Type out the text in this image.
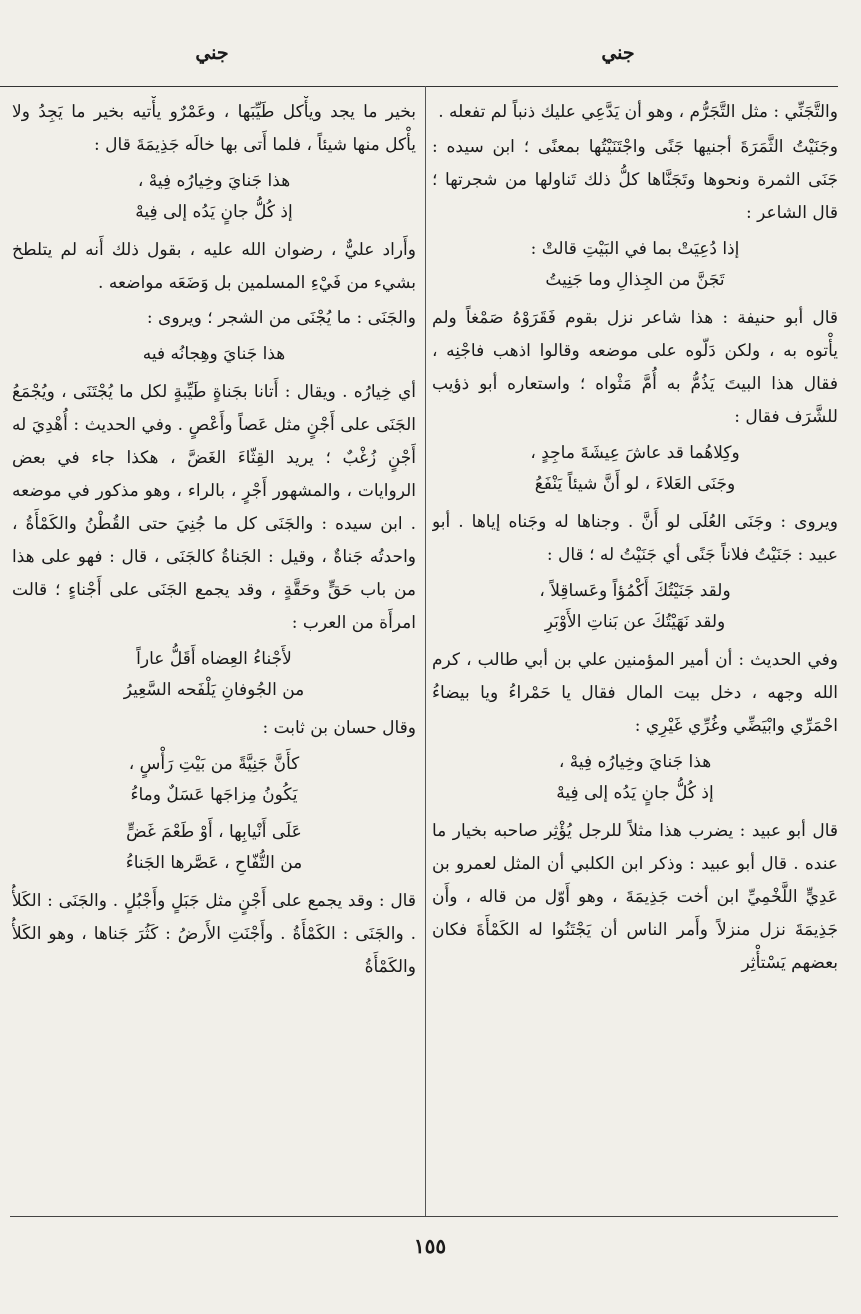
جني
جني

والتَّجَنِّي : مثل التَّجَرُّم ، وهو أن يَدَّعِي عليك ذنباً لم تفعله .

وجَنَيْتُ الثَّمَرَةَ أجنيها جَنًى واجْتَنَيْتُها بمعنًى ؛ ابن سيده : جَنَى الثمرة ونحوها وتَجَنَّاها كلُّ ذلك تَناولها من شجرتها ؛ قال الشاعر :

إذا دُعِيَتْ بما في البَيْتِ قالتْ :
تَجَنَّ من الجِذالِ وما جَنِيتُ

قال أبو حنيفة : هذا شاعر نزل بقوم فَقَرَوْهُ صَمْغاً ولم يأْتوه به ، ولكن دَلّوه على موضعه وقالوا اذهب فاجْنِه ، فقال هذا البيتَ يَذُمُّ به أُمَّ مَثْواه ؛ واستعاره أبو ذؤيب للشَّرَف فقال :

وكِلاهُما قد عاشَ عِيشَةَ ماجِدٍ ،
وجَنَى العَلاءَ ، لو أَنَّ شيئاً يَنْفَعُ

ويروى : وجَنَى العُلَى لو أَنَّ . وجناها له وجَناه إياها . أبو عبيد : جَنَيْتُ فلاناً جَنًى أي جَنَيْتُ له ؛ قال :

ولقد جَنَيْتُكَ أَكْمُؤاً وعَساقِلاً ،
ولقد نَهَيْتُكَ عن بَناتِ الأَوْبَرِ

وفي الحديث : أن أمير المؤمنين علي بن أبي طالب ، كرم الله وجهه ، دخل بيت المال فقال يا حَمْراءُ ويا بيضاءُ احْمَرِّي وابْيَضِّي وغُرِّي غَيْرِي :

هذا جَنايَ وخِيارُه فِيهْ ،
إذ كُلُّ جانٍ يَدُه إلى فِيهْ

قال أبو عبيد : يضرب هذا مثلاً للرجل يُؤْثِر صاحبه بخيار ما عنده . قال أبو عبيد : وذكر ابن الكلبي أن المثل لعمرو بن عَدِيٍّ اللَّخْمِيِّ ابن أخت جَذِيمَةَ ، وهو أَوّل من قاله ، وأَن جَذِيمَةَ نزل منزلاً وأَمر الناس أن يَجْتَنُوا له الكَمْأَةَ فكان بعضهم يَسْتأْثِر

بخير ما يجد ويأْكل طَيِّبَها ، وعَمْرٌو يأْتيه بخير ما يَجِدُ ولا يأْكل منها شيئاً ، فلما أَتى بها خالَه جَذِيمَةَ قال :

هذا جَنايَ وخِيارُه فِيهْ ،
إذ كُلُّ جانٍ يَدُه إلى فِيهْ

وأَراد عليٌّ ، رضوان الله عليه ، بقول ذلك أَنه لم يتلطخ بشيء من فَيْءِ المسلمين بل وَضَعَه مواضعه .

والجَنَى : ما يُجْنَى من الشجر ؛ ويروى :

هذا جَنايَ وهِجانُه فيه

أي خِيارُه . ويقال : أَتانا بجَناةٍ طَيِّبةٍ لكل ما يُجْتَنَى ، ويُجْمَعُ الجَنَى على أَجْنٍ مثل عَصاً وأَعْصٍ . وفي الحديث : أُهْدِيَ له أَجْنٍ زُغْبٌ ؛ يريد القِثّاءَ الغَضَّ ، هكذا جاء في بعض الروايات ، والمشهور أَجْرٍ ، بالراء ، وهو مذكور في موضعه . ابن سيده : والجَنَى كل ما جُنِيَ حتى القُطْنُ والكَمْأَةُ ، واحدتُه جَناةٌ ، وقيل : الجَناةُ كالجَنَى ، قال : فهو على هذا من باب حَقٍّ وحَقَّةٍ ، وقد يجمع الجَنَى على أَجْناءٍ ؛ قالت امرأَة من العرب :

لأَجْناءُ العِضاه أَقَلُّ عاراً
من الجُوفانِ يَلْفَحه السَّعِيرُ

وقال حسان بن ثابت :

كأَنَّ جَنِيَّةً من بَيْتِ رَأْسٍ ،
يَكُونُ مِزاجَها عَسَلٌ وماءُ
عَلَى أَنْيابِها ، أَوْ طَعْمَ غَضٍّ
من التُّفّاحِ ، عَصَّرها الجَناءُ

قال : وقد يجمع على أَجْنٍ مثل جَبَلٍ وأَجْبُلٍ . والجَنَى : الكَلأُ . والجَنَى : الكَمْأَةُ . وأَجْنَتِ الأَرضُ : كَثُرَ جَناها ، وهو الكَلأُ والكَمْأَةُ

١٥٥
